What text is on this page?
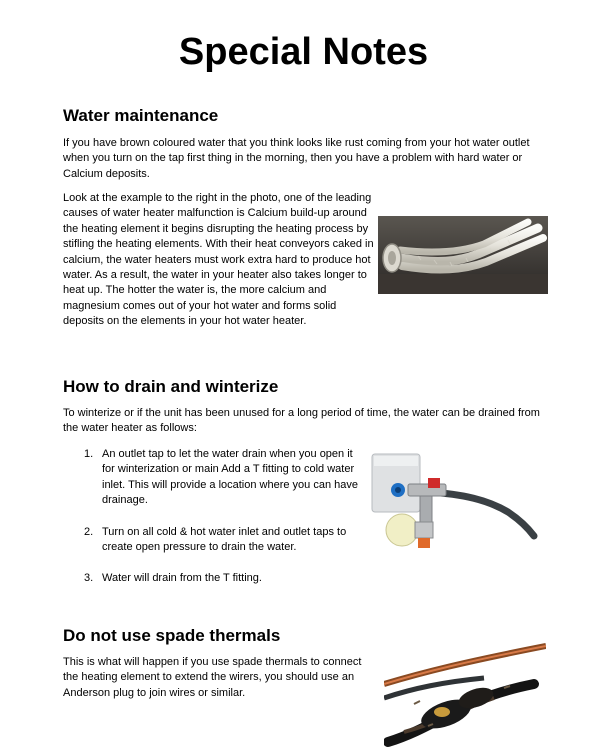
Special Notes
Water maintenance

If you have brown coloured water that you think looks like rust coming from your hot water outlet when you turn on the tap first thing in the morning, then you have a problem with hard water or Calcium deposits.

Look at the example to the right in the photo, one of the leading causes of water heater malfunction is Calcium build-up around the heating element it begins disrupting the heating process by stifling the heating elements. With their heat conveyors caked in calcium, the water heaters must work extra hard to produce hot water. As a result, the water in your heater also takes longer to heat up. The hotter the water is, the more calcium and magnesium comes out of your hot water and forms solid deposits on the elements in your hot water heater.

How to drain and winterize

To winterize or if the unit has been unused for a long period of time, the water can be drained from the water heater as follows:

1. An outlet tap to let the water drain when you open it for winterization or main Add a T fitting to cold water inlet. This will provide a location where you can have drainage.

2. Turn on all cold & hot water inlet and outlet taps to create open pressure to drain the water.

3. Water will drain from the T fitting.

Do not use spade thermals

This is what will happen if you use spade thermals to connect the heating element to extend the wirers, you should use an Anderson plug to join wires or similar.
